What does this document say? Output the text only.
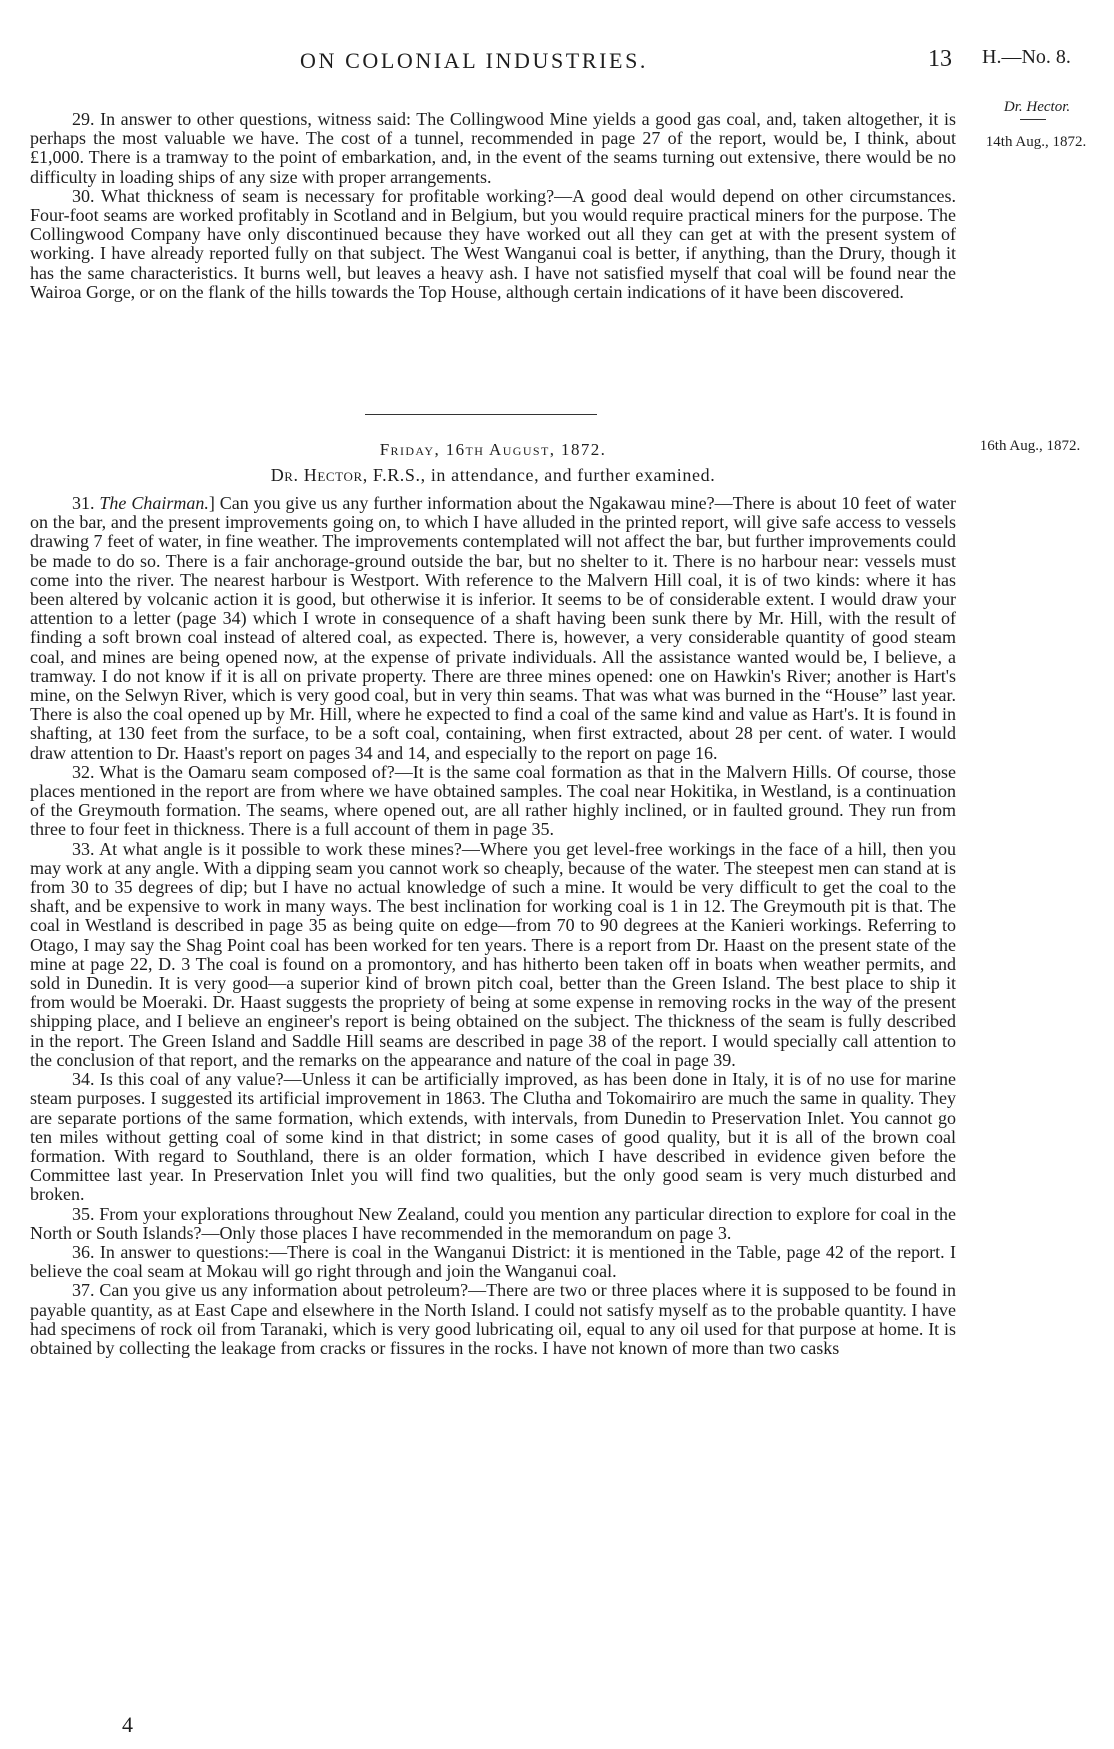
ON COLONIAL INDUSTRIES.	13 H.—No. 8.
Dr. Hector.
14th Aug., 1872.
16th Aug., 1872.

29. In answer to other questions, witness said: The Collingwood Mine yields a good gas coal, and, taken altogether, it is perhaps the most valuable we have. The cost of a tunnel, recommended in page 27 of the report, would be, I think, about £1,000. There is a tramway to the point of embarkation, and, in the event of the seams turning out extensive, there would be no difficulty in loading ships of any size with proper arrangements.

30. What thickness of seam is necessary for profitable working?—A good deal would depend on other circumstances. Four-foot seams are worked profitably in Scotland and in Belgium, but you would require practical miners for the purpose. The Collingwood Company have only discontinued because they have worked out all they can get at with the present system of working. I have already reported fully on that subject. The West Wanganui coal is better, if anything, than the Drury, though it has the same characteristics. It burns well, but leaves a heavy ash. I have not satisfied myself that coal will be found near the Wairoa Gorge, or on the flank of the hills towards the Top House, although certain indications of it have been discovered.

Friday, 16th August, 1872.
Dr. Hector, F.R.S., in attendance, and further examined.

31. The Chairman.] Can you give us any further information about the Ngakawau mine?—There is about 10 feet of water on the bar, and the present improvements going on, to which I have alluded in the printed report, will give safe access to vessels drawing 7 feet of water, in fine weather. The improvements contemplated will not affect the bar, but further improvements could be made to do so. There is a fair anchorage-ground outside the bar, but no shelter to it. There is no harbour near: vessels must come into the river. The nearest harbour is Westport. With reference to the Malvern Hill coal, it is of two kinds: where it has been altered by volcanic action it is good, but otherwise it is inferior. It seems to be of considerable extent. I would draw your attention to a letter (page 34) which I wrote in consequence of a shaft having been sunk there by Mr. Hill, with the result of finding a soft brown coal instead of altered coal, as expected. There is, however, a very considerable quantity of good steam coal, and mines are being opened now, at the expense of private individuals. All the assistance wanted would be, I believe, a tramway. I do not know if it is all on private property. There are three mines opened: one on Hawkin's River; another is Hart's mine, on the Selwyn River, which is very good coal, but in very thin seams. That was what was burned in the “House” last year. There is also the coal opened up by Mr. Hill, where he expected to find a coal of the same kind and value as Hart's. It is found in shafting, at 130 feet from the surface, to be a soft coal, containing, when first extracted, about 28 per cent. of water. I would draw attention to Dr. Haast's report on pages 34 and 14, and especially to the report on page 16.

32. What is the Oamaru seam composed of?—It is the same coal formation as that in the Malvern Hills. Of course, those places mentioned in the report are from where we have obtained samples. The coal near Hokitika, in Westland, is a continuation of the Greymouth formation. The seams, where opened out, are all rather highly inclined, or in faulted ground. They run from three to four feet in thickness. There is a full account of them in page 35.

33. At what angle is it possible to work these mines?—Where you get level-free workings in the face of a hill, then you may work at any angle. With a dipping seam you cannot work so cheaply, because of the water. The steepest men can stand at is from 30 to 35 degrees of dip; but I have no actual knowledge of such a mine. It would be very difficult to get the coal to the shaft, and be expensive to work in many ways. The best inclination for working coal is 1 in 12. The Greymouth pit is that. The coal in Westland is described in page 35 as being quite on edge—from 70 to 90 degrees at the Kanieri workings. Referring to Otago, I may say the Shag Point coal has been worked for ten years. There is a report from Dr. Haast on the present state of the mine at page 22, D. 3 The coal is found on a promontory, and has hitherto been taken off in boats when weather permits, and sold in Dunedin. It is very good—a superior kind of brown pitch coal, better than the Green Island. The best place to ship it from would be Moeraki. Dr. Haast suggests the propriety of being at some expense in removing rocks in the way of the present shipping place, and I believe an engineer's report is being obtained on the subject. The thickness of the seam is fully described in the report. The Green Island and Saddle Hill seams are described in page 38 of the report. I would specially call attention to the conclusion of that report, and the remarks on the appearance and nature of the coal in page 39.

34. Is this coal of any value?—Unless it can be artificially improved, as has been done in Italy, it is of no use for marine steam purposes. I suggested its artificial improvement in 1863. The Clutha and Tokomairiro are much the same in quality. They are separate portions of the same formation, which extends, with intervals, from Dunedin to Preservation Inlet. You cannot go ten miles without getting coal of some kind in that district; in some cases of good quality, but it is all of the brown coal formation. With regard to Southland, there is an older formation, which I have described in evidence given before the Committee last year. In Preservation Inlet you will find two qualities, but the only good seam is very much disturbed and broken.

35. From your explorations throughout New Zealand, could you mention any particular direction to explore for coal in the North or South Islands?—Only those places I have recommended in the memorandum on page 3.

36. In answer to questions:—There is coal in the Wanganui District: it is mentioned in the Table, page 42 of the report. I believe the coal seam at Mokau will go right through and join the Wanganui coal.

37. Can you give us any information about petroleum?—There are two or three places where it is supposed to be found in payable quantity, as at East Cape and elsewhere in the North Island. I could not satisfy myself as to the probable quantity. I have had specimens of rock oil from Taranaki, which is very good lubricating oil, equal to any oil used for that purpose at home. It is obtained by collecting the leakage from cracks or fissures in the rocks. I have not known of more than two casks

4
